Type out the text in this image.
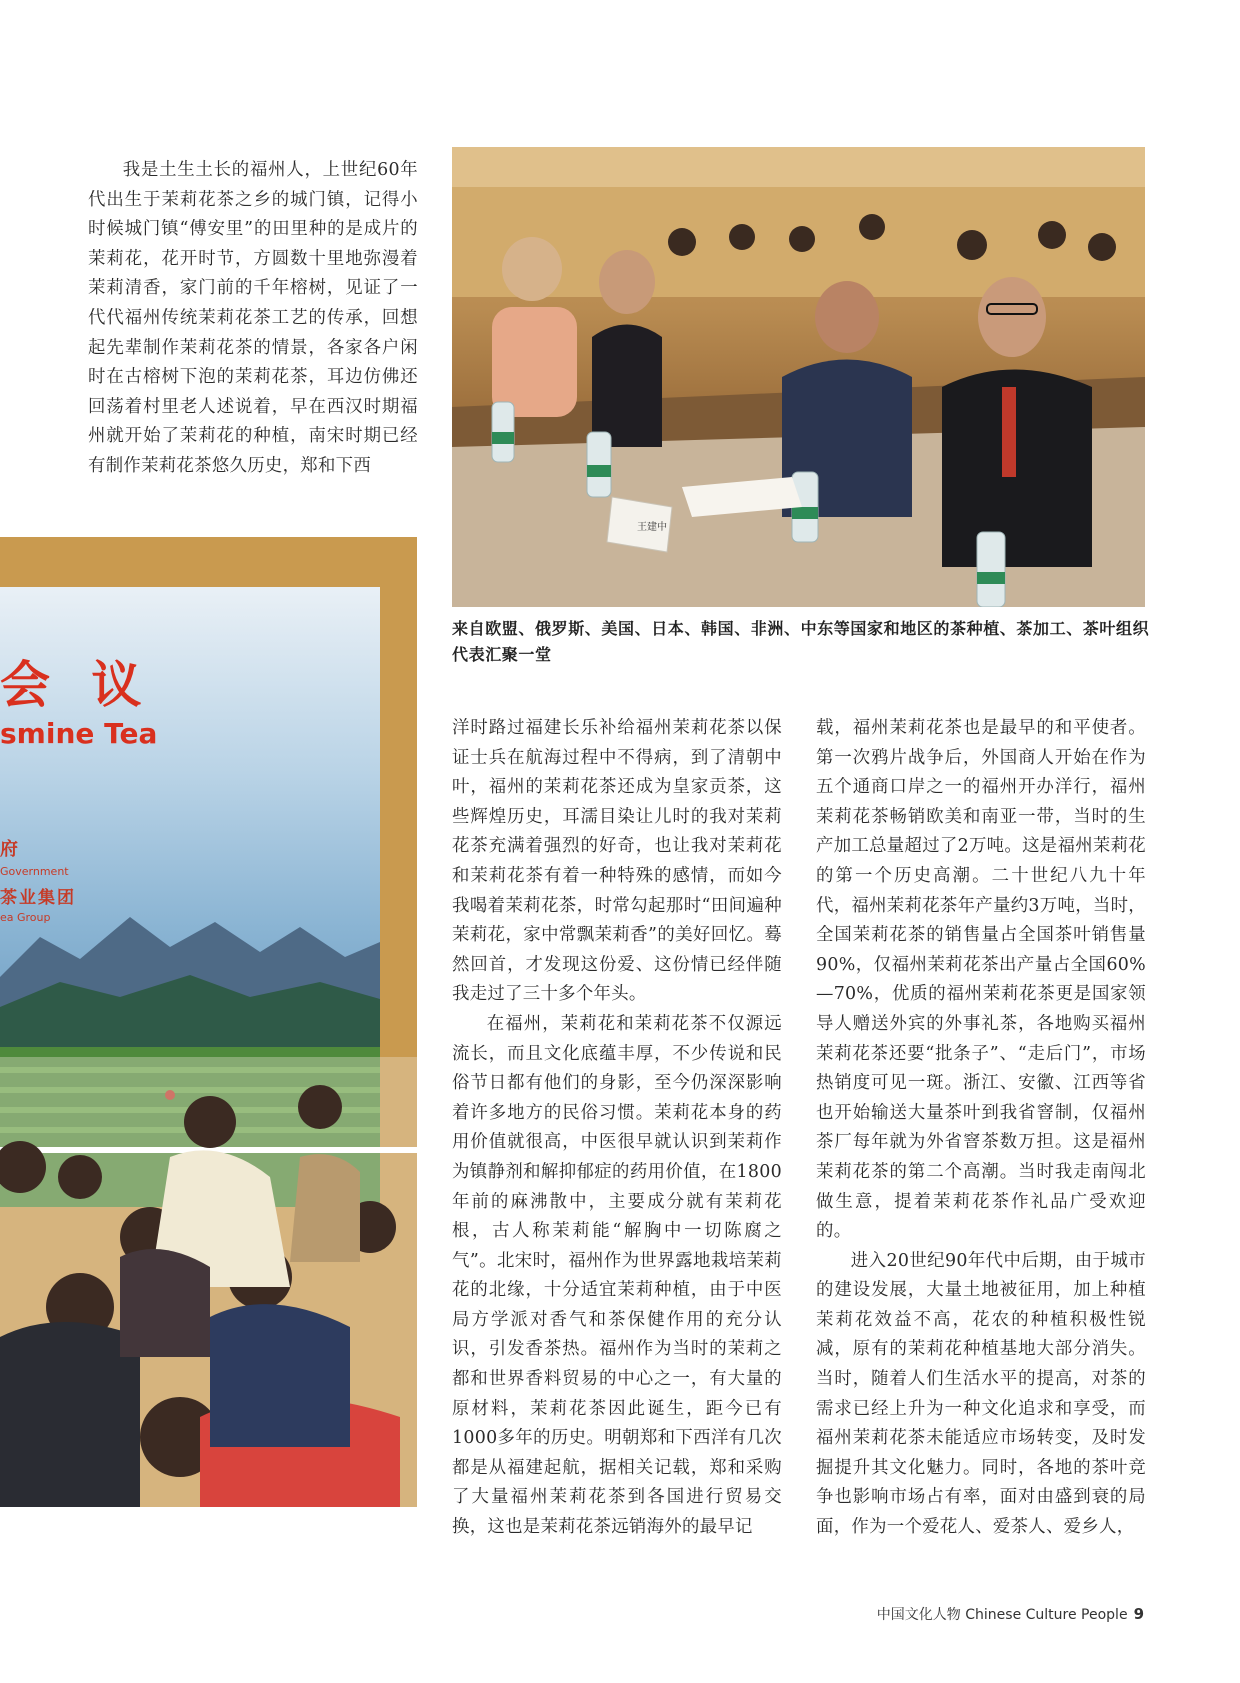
我是土生土长的福州人，上世纪60年代出生于茉莉花茶之乡的城门镇，记得小时候城门镇“傅安里”的田里种的是成片的茉莉花，花开时节，方圆数十里地弥漫着茉莉清香，家门前的千年榕树，见证了一代代福州传统茉莉花茶工艺的传承，回想起先辈制作茉莉花茶的情景，各家各户闲时在古榕树下泡的茉莉花茶，耳边仿佛还回荡着村里老人述说着，早在西汉时期福州就开始了茉莉花的种植，南宋时期已经有制作茉莉花茶悠久历史，郑和下西

王建中
来自欧盟、俄罗斯、美国、日本、韩国、非洲、中东等国家和地区的茶种植、茶加工、茶叶组织代表汇聚一堂
会 议
smine Tea
府
Government
茶业集团
ea Group

洋时路过福建长乐补给福州茉莉花茶以保证士兵在航海过程中不得病，到了清朝中叶，福州的茉莉花茶还成为皇家贡茶，这些辉煌历史，耳濡目染让儿时的我对茉莉花茶充满着强烈的好奇，也让我对茉莉花和茉莉花茶有着一种特殊的感情，而如今我喝着茉莉花茶，时常勾起那时“田间遍种茉莉花，家中常飘茉莉香”的美好回忆。蓦然回首，才发现这份爱、这份情已经伴随我走过了三十多个年头。

在福州，茉莉花和茉莉花茶不仅源远流长，而且文化底蕴丰厚，不少传说和民俗节日都有他们的身影，至今仍深深影响着许多地方的民俗习惯。茉莉花本身的药用价值就很高，中医很早就认识到茉莉作为镇静剂和解抑郁症的药用价值，在1800年前的麻沸散中，主要成分就有茉莉花根，古人称茉莉能“解胸中一切陈腐之气”。北宋时，福州作为世界露地栽培茉莉花的北缘，十分适宜茉莉种植，由于中医局方学派对香气和茶保健作用的充分认识，引发香茶热。福州作为当时的茉莉之都和世界香料贸易的中心之一，有大量的原材料，茉莉花茶因此诞生，距今已有1000多年的历史。明朝郑和下西洋有几次都是从福建起航，据相关记载，郑和采购了大量福州茉莉花茶到各国进行贸易交换，这也是茉莉花茶远销海外的最早记

载，福州茉莉花茶也是最早的和平使者。第一次鸦片战争后，外国商人开始在作为五个通商口岸之一的福州开办洋行，福州茉莉花茶畅销欧美和南亚一带，当时的生产加工总量超过了2万吨。这是福州茉莉花的第一个历史高潮。二十世纪八九十年代，福州茉莉花茶年产量约3万吨，当时，全国茉莉花茶的销售量占全国茶叶销售量90%，仅福州茉莉花茶出产量占全国60%—70%，优质的福州茉莉花茶更是国家领导人赠送外宾的外事礼茶，各地购买福州茉莉花茶还要“批条子”、“走后门”，市场热销度可见一斑。浙江、安徽、江西等省也开始输送大量茶叶到我省窨制，仅福州茶厂每年就为外省窨茶数万担。这是福州茉莉花茶的第二个高潮。当时我走南闯北做生意，提着茉莉花茶作礼品广受欢迎的。

进入20世纪90年代中后期，由于城市的建设发展，大量土地被征用，加上种植茉莉花效益不高，花农的种植积极性锐减，原有的茉莉花种植基地大部分消失。当时，随着人们生活水平的提高，对茶的需求已经上升为一种文化追求和享受，而福州茉莉花茶未能适应市场转变，及时发掘提升其文化魅力。同时，各地的茶叶竞争也影响市场占有率，面对由盛到衰的局面，作为一个爱花人、爱茶人、爱乡人，

中国文化人物 Chinese Culture People 9
